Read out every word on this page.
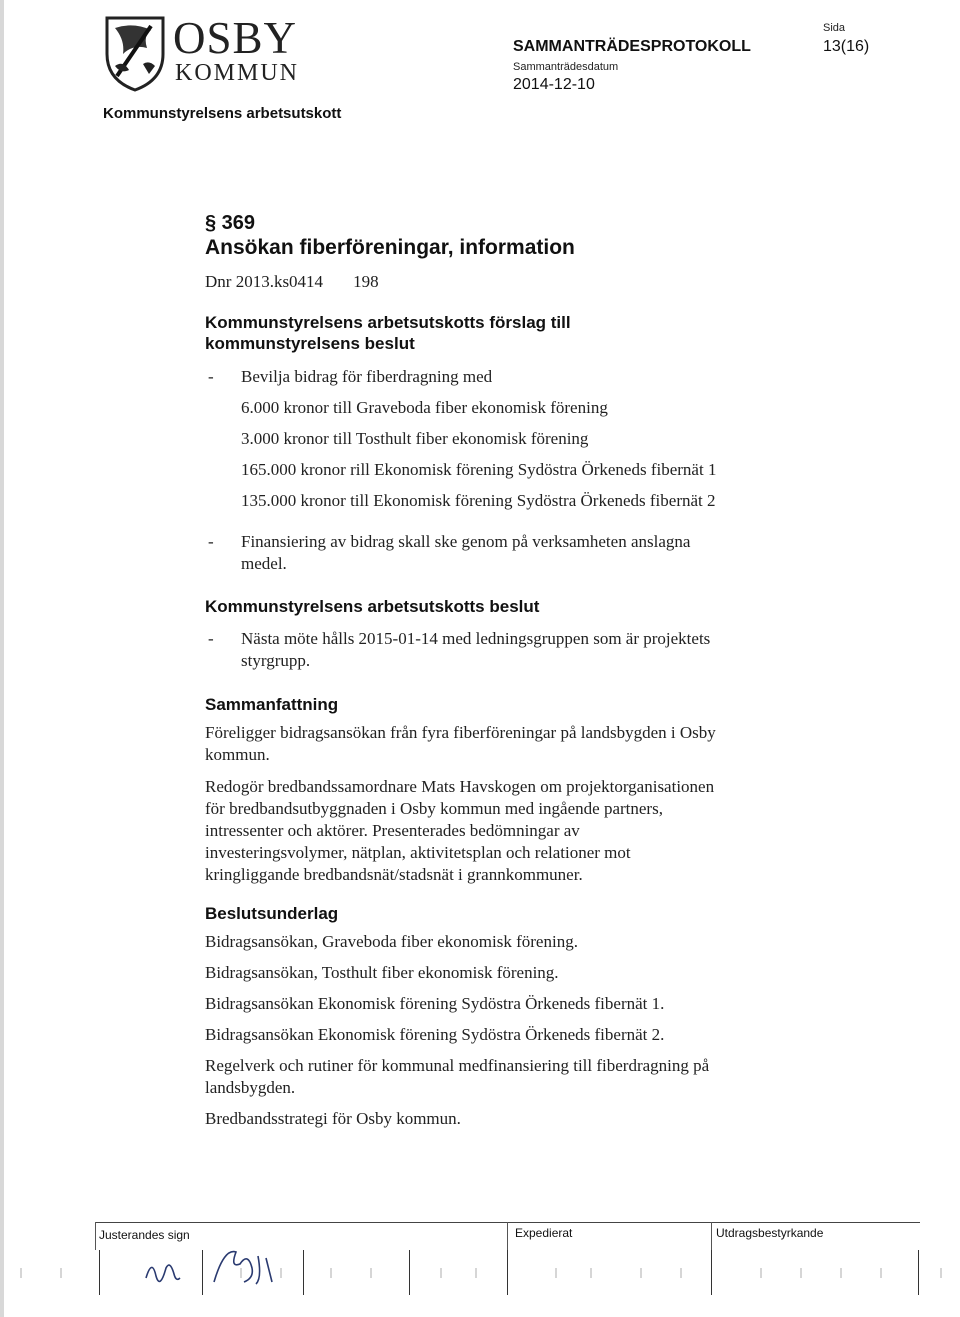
OSBY
KOMMUN
SAMMANTRÄDESPROTOKOLL
Sammanträdesdatum
2014-12-10
Sida
13(16)
Kommunstyrelsens arbetsutskott
§ 369
Ansökan fiberföreningar, information
Dnr 2013.ks0414 198
Kommunstyrelsens arbetsutskotts förslag till
kommunstyrelsens beslut
- Bevilja bidrag för fiberdragning med
6.000 kronor till Graveboda fiber ekonomisk förening
3.000 kronor till Tosthult fiber ekonomisk förening
165.000 kronor rill Ekonomisk förening Sydöstra Örkeneds fibernät 1
135.000 kronor till Ekonomisk förening Sydöstra Örkeneds fibernät 2
- Finansiering av bidrag skall ske genom på verksamheten anslagna
medel.
Kommunstyrelsens arbetsutskotts beslut
- Nästa möte hålls 2015-01-14 med ledningsgruppen som är projektets
styrgrupp.
Sammanfattning
Föreligger bidragsansökan från fyra fiberföreningar på landsbygden i Osby
kommun.
Redogör bredbandssamordnare Mats Havskogen om projektorganisationen
för bredbandsutbyggnaden i Osby kommun med ingående partners,
intressenter och aktörer. Presenterades bedömningar av
investeringsvolymer, nätplan, aktivitetsplan och relationer mot
kringliggande bredbandsnät/stadsnät i grannkommuner.
Beslutsunderlag
Bidragsansökan, Graveboda fiber ekonomisk förening.
Bidragsansökan, Tosthult fiber ekonomisk förening.
Bidragsansökan Ekonomisk förening Sydöstra Örkeneds fibernät 1.
Bidragsansökan Ekonomisk förening Sydöstra Örkeneds fibernät 2.
Regelverk och rutiner för kommunal medfinansiering till fiberdragning på
landsbygden.
Bredbandsstrategi för Osby kommun.
Justerandes sign	Expedierat	Utdragsbestyrkande
